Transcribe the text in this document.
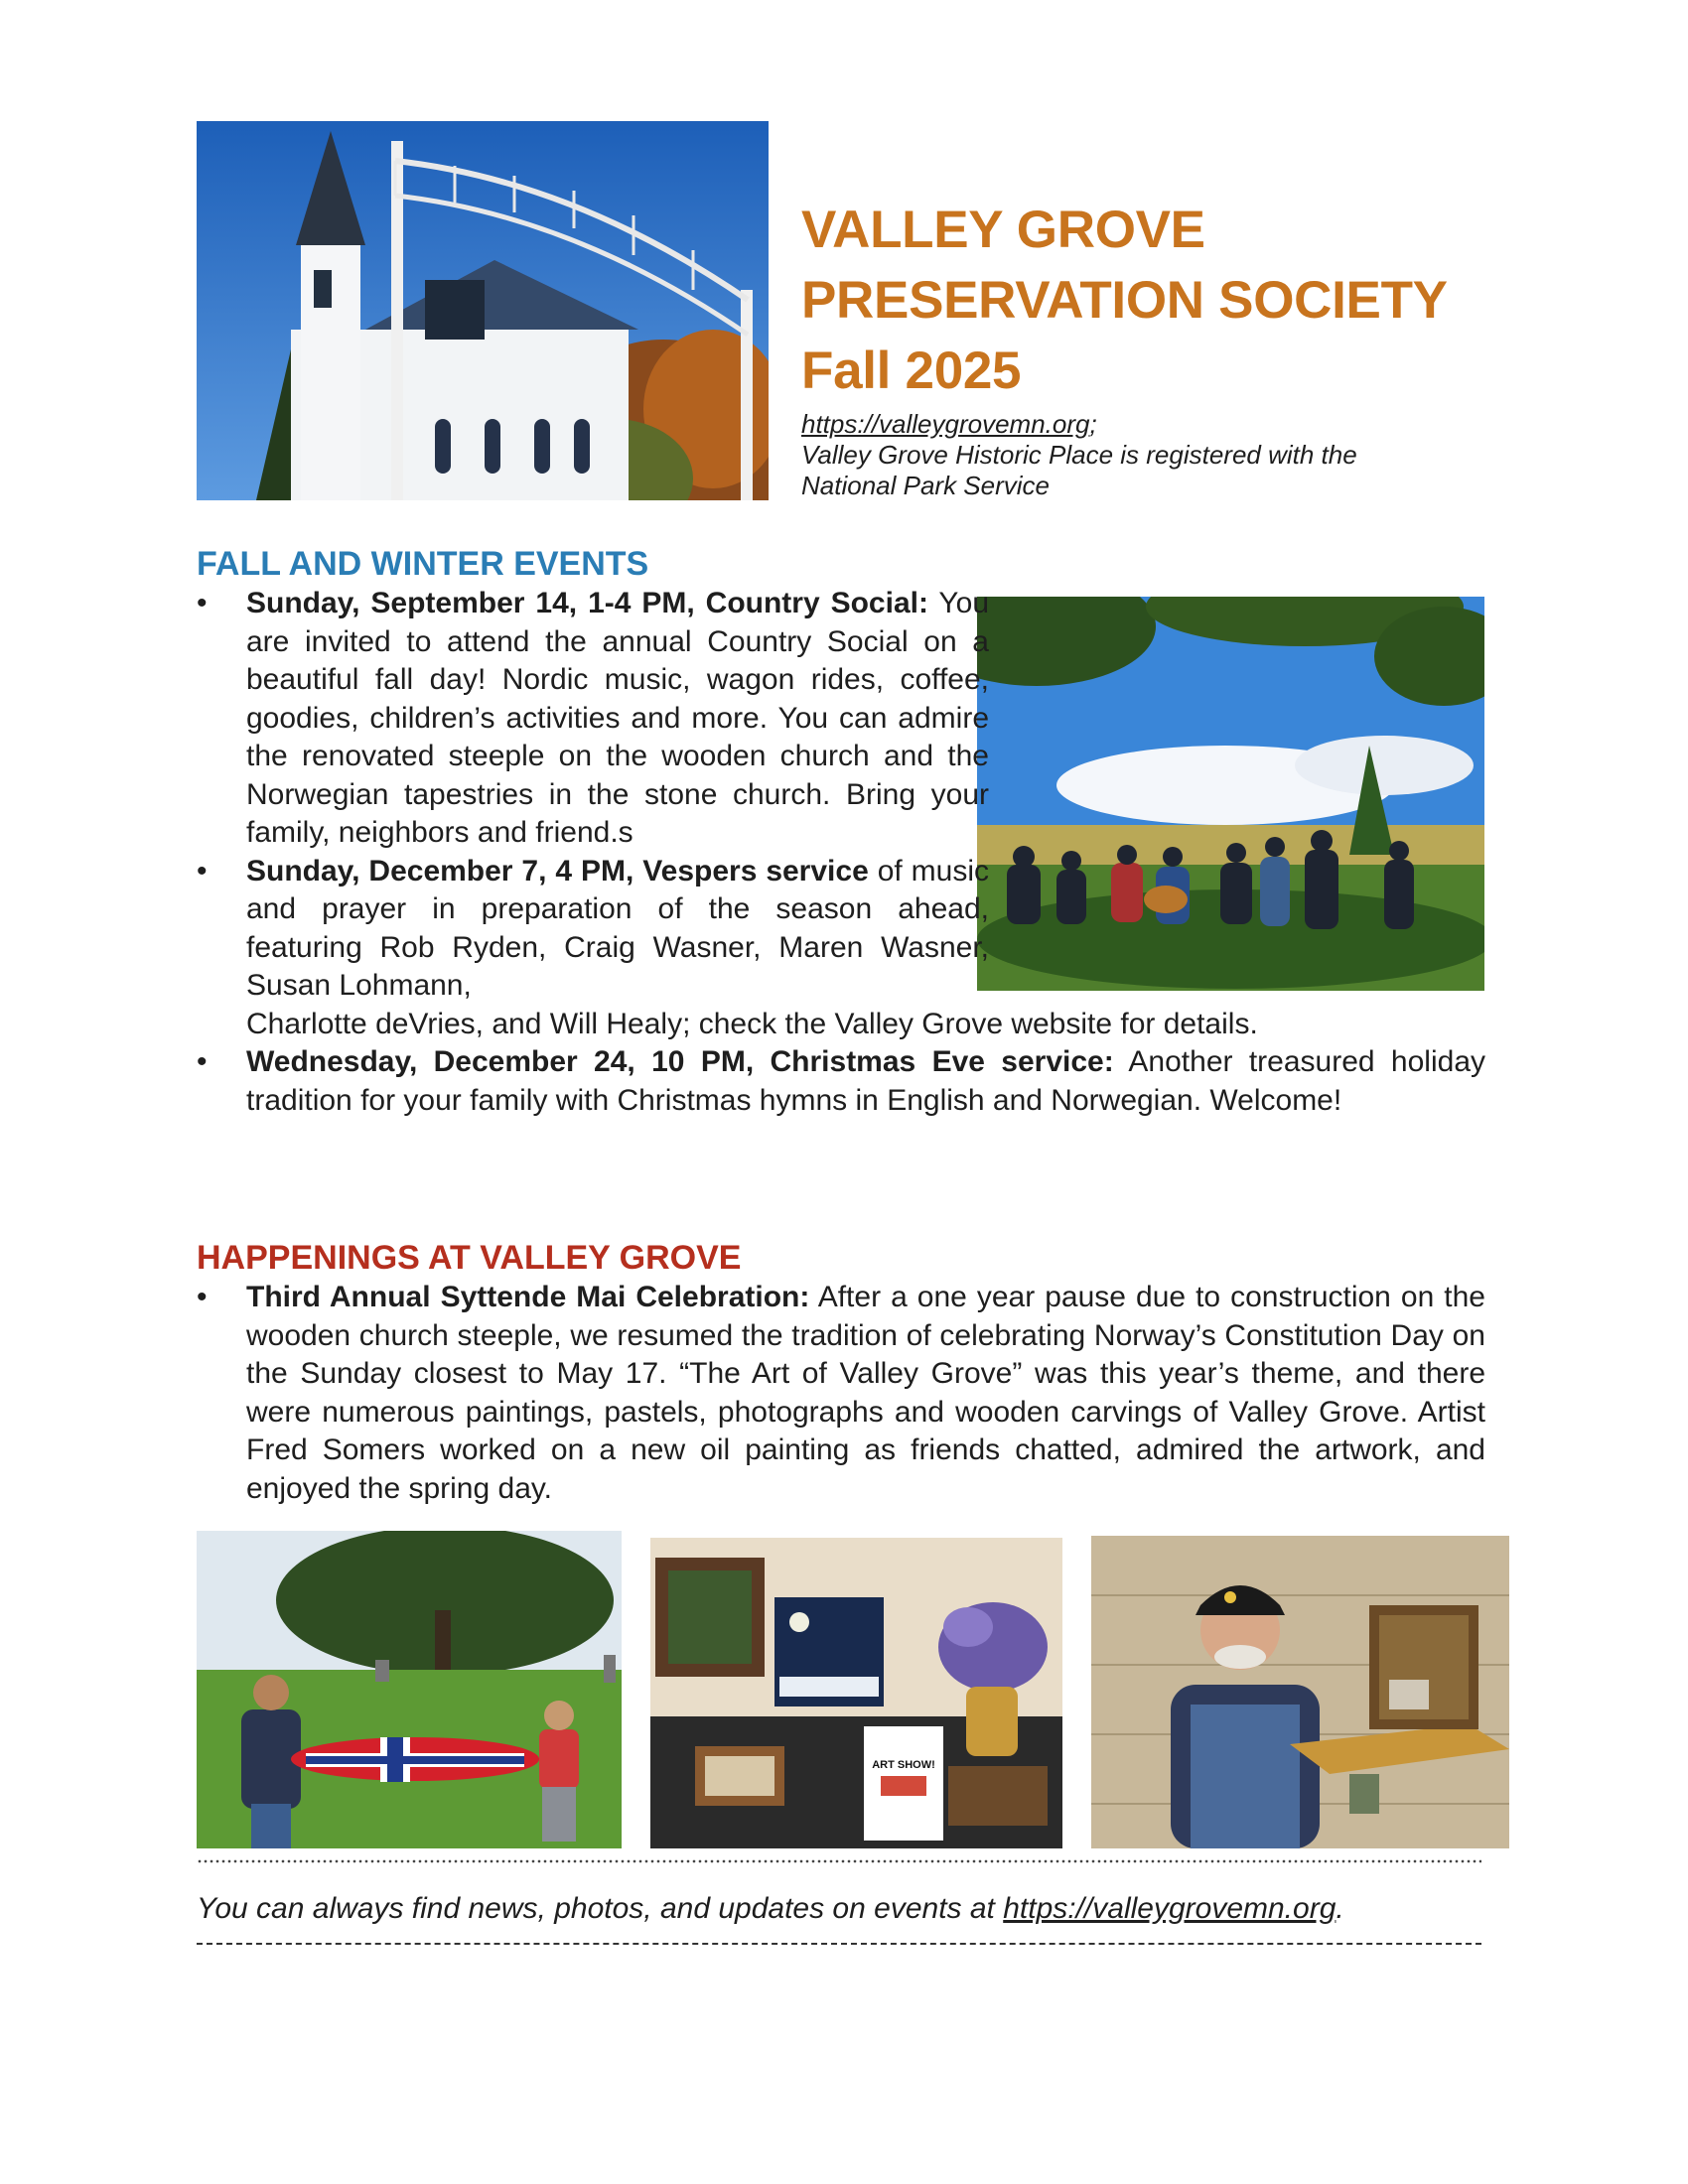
VALLEY GROVE
PRESERVATION SOCIETY
Fall 2025
https://valleygrovemn.org;
Valley Grove Historic Place is registered with the
National Park Service
FALL AND WINTER EVENTS
• Sunday, September 14, 1-4 PM, Country Social: You are invited to attend the annual Country Social on a beautiful fall day! Nordic music, wagon rides, coffee, goodies, children’s activities and more. You can admire the renovated steeple on the wooden church and the Norwegian tapestries in the stone church. Bring your family, neighbors and friend.s
• Sunday, December 7, 4 PM, Vespers service of music and prayer in preparation of the season ahead, featuring Rob Ryden, Craig Wasner, Maren Wasner, Susan Lohmann,
Charlotte deVries, and Will Healy; check the Valley Grove website for details.
• Wednesday, December 24, 10 PM, Christmas Eve service: Another treasured holiday tradition for your family with Christmas hymns in English and Norwegian. Welcome!
HAPPENINGS AT VALLEY GROVE
• Third Annual Syttende Mai Celebration: After a one year pause due to construction on the wooden church steeple, we resumed the tradition of celebrating Norway’s Constitution Day on the Sunday closest to May 17. “The Art of Valley Grove” was this year’s theme, and there were numerous paintings, pastels, photographs and wooden carvings of Valley Grove. Artist Fred Somers worked on a new oil painting as friends chatted, admired the artwork, and enjoyed the spring day.
ART SHOW!
You can always find news, photos, and updates on events at https://valleygrovemn.org.
